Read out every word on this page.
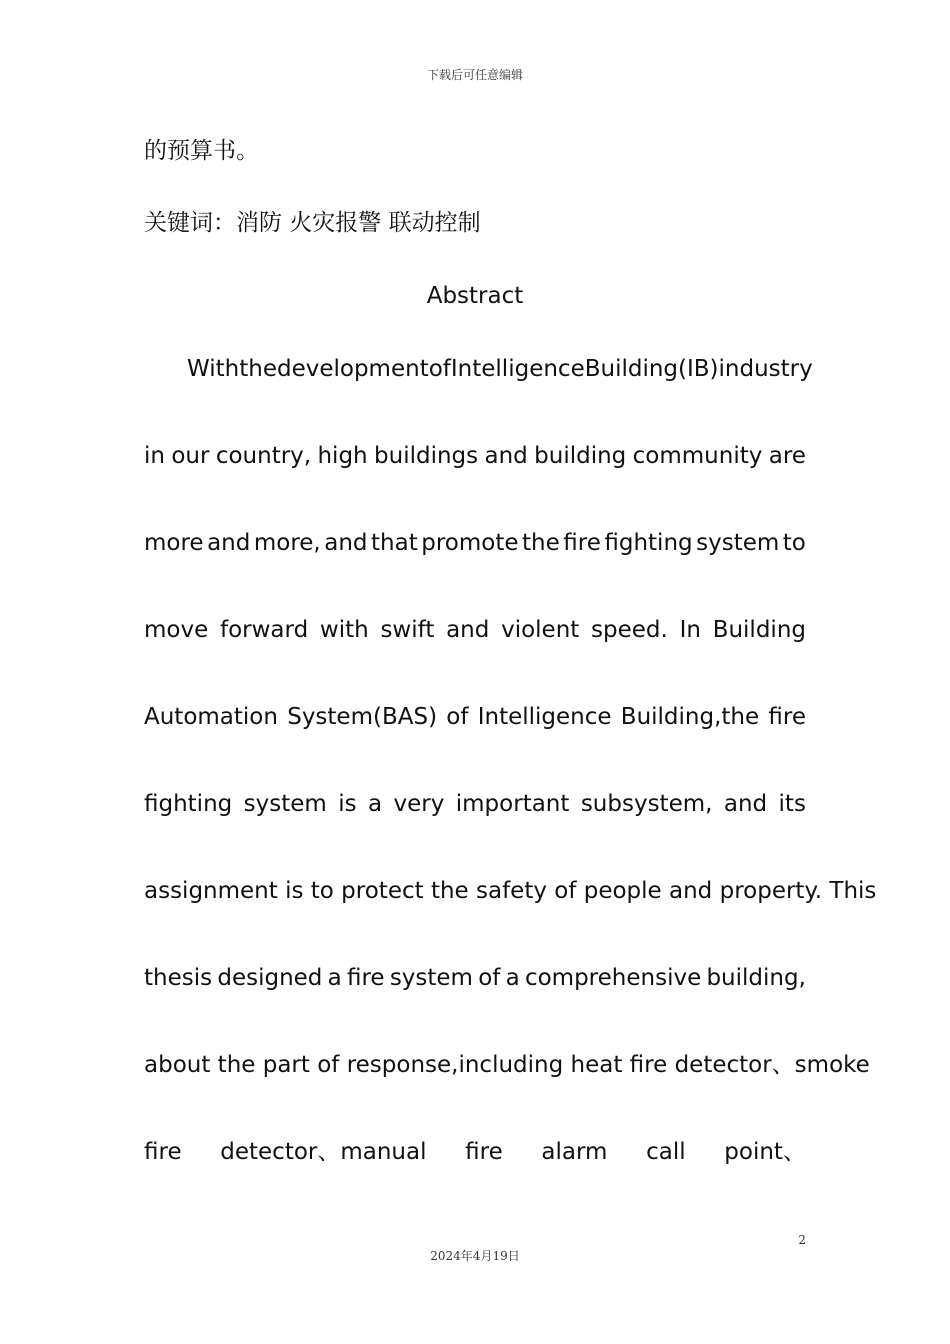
下载后可任意编辑
的预算书。
关键词：消防 火灾报警 联动控制
Abstract
With the development of Intelligence Building(IB) industry
in our country, high buildings and building community are
more and more, and that promote the fire fighting system to
move forward with swift and violent speed. In Building
Automation System(BAS) of Intelligence Building,the fire
fighting system is a very important subsystem, and its
assignment is to protect the safety of people and property. This
thesis designed a fire system of a comprehensive building,
about the part of response,including heat fire detector、smoke
fire detector、manual fire alarm call point、
2
2024年4月19日
